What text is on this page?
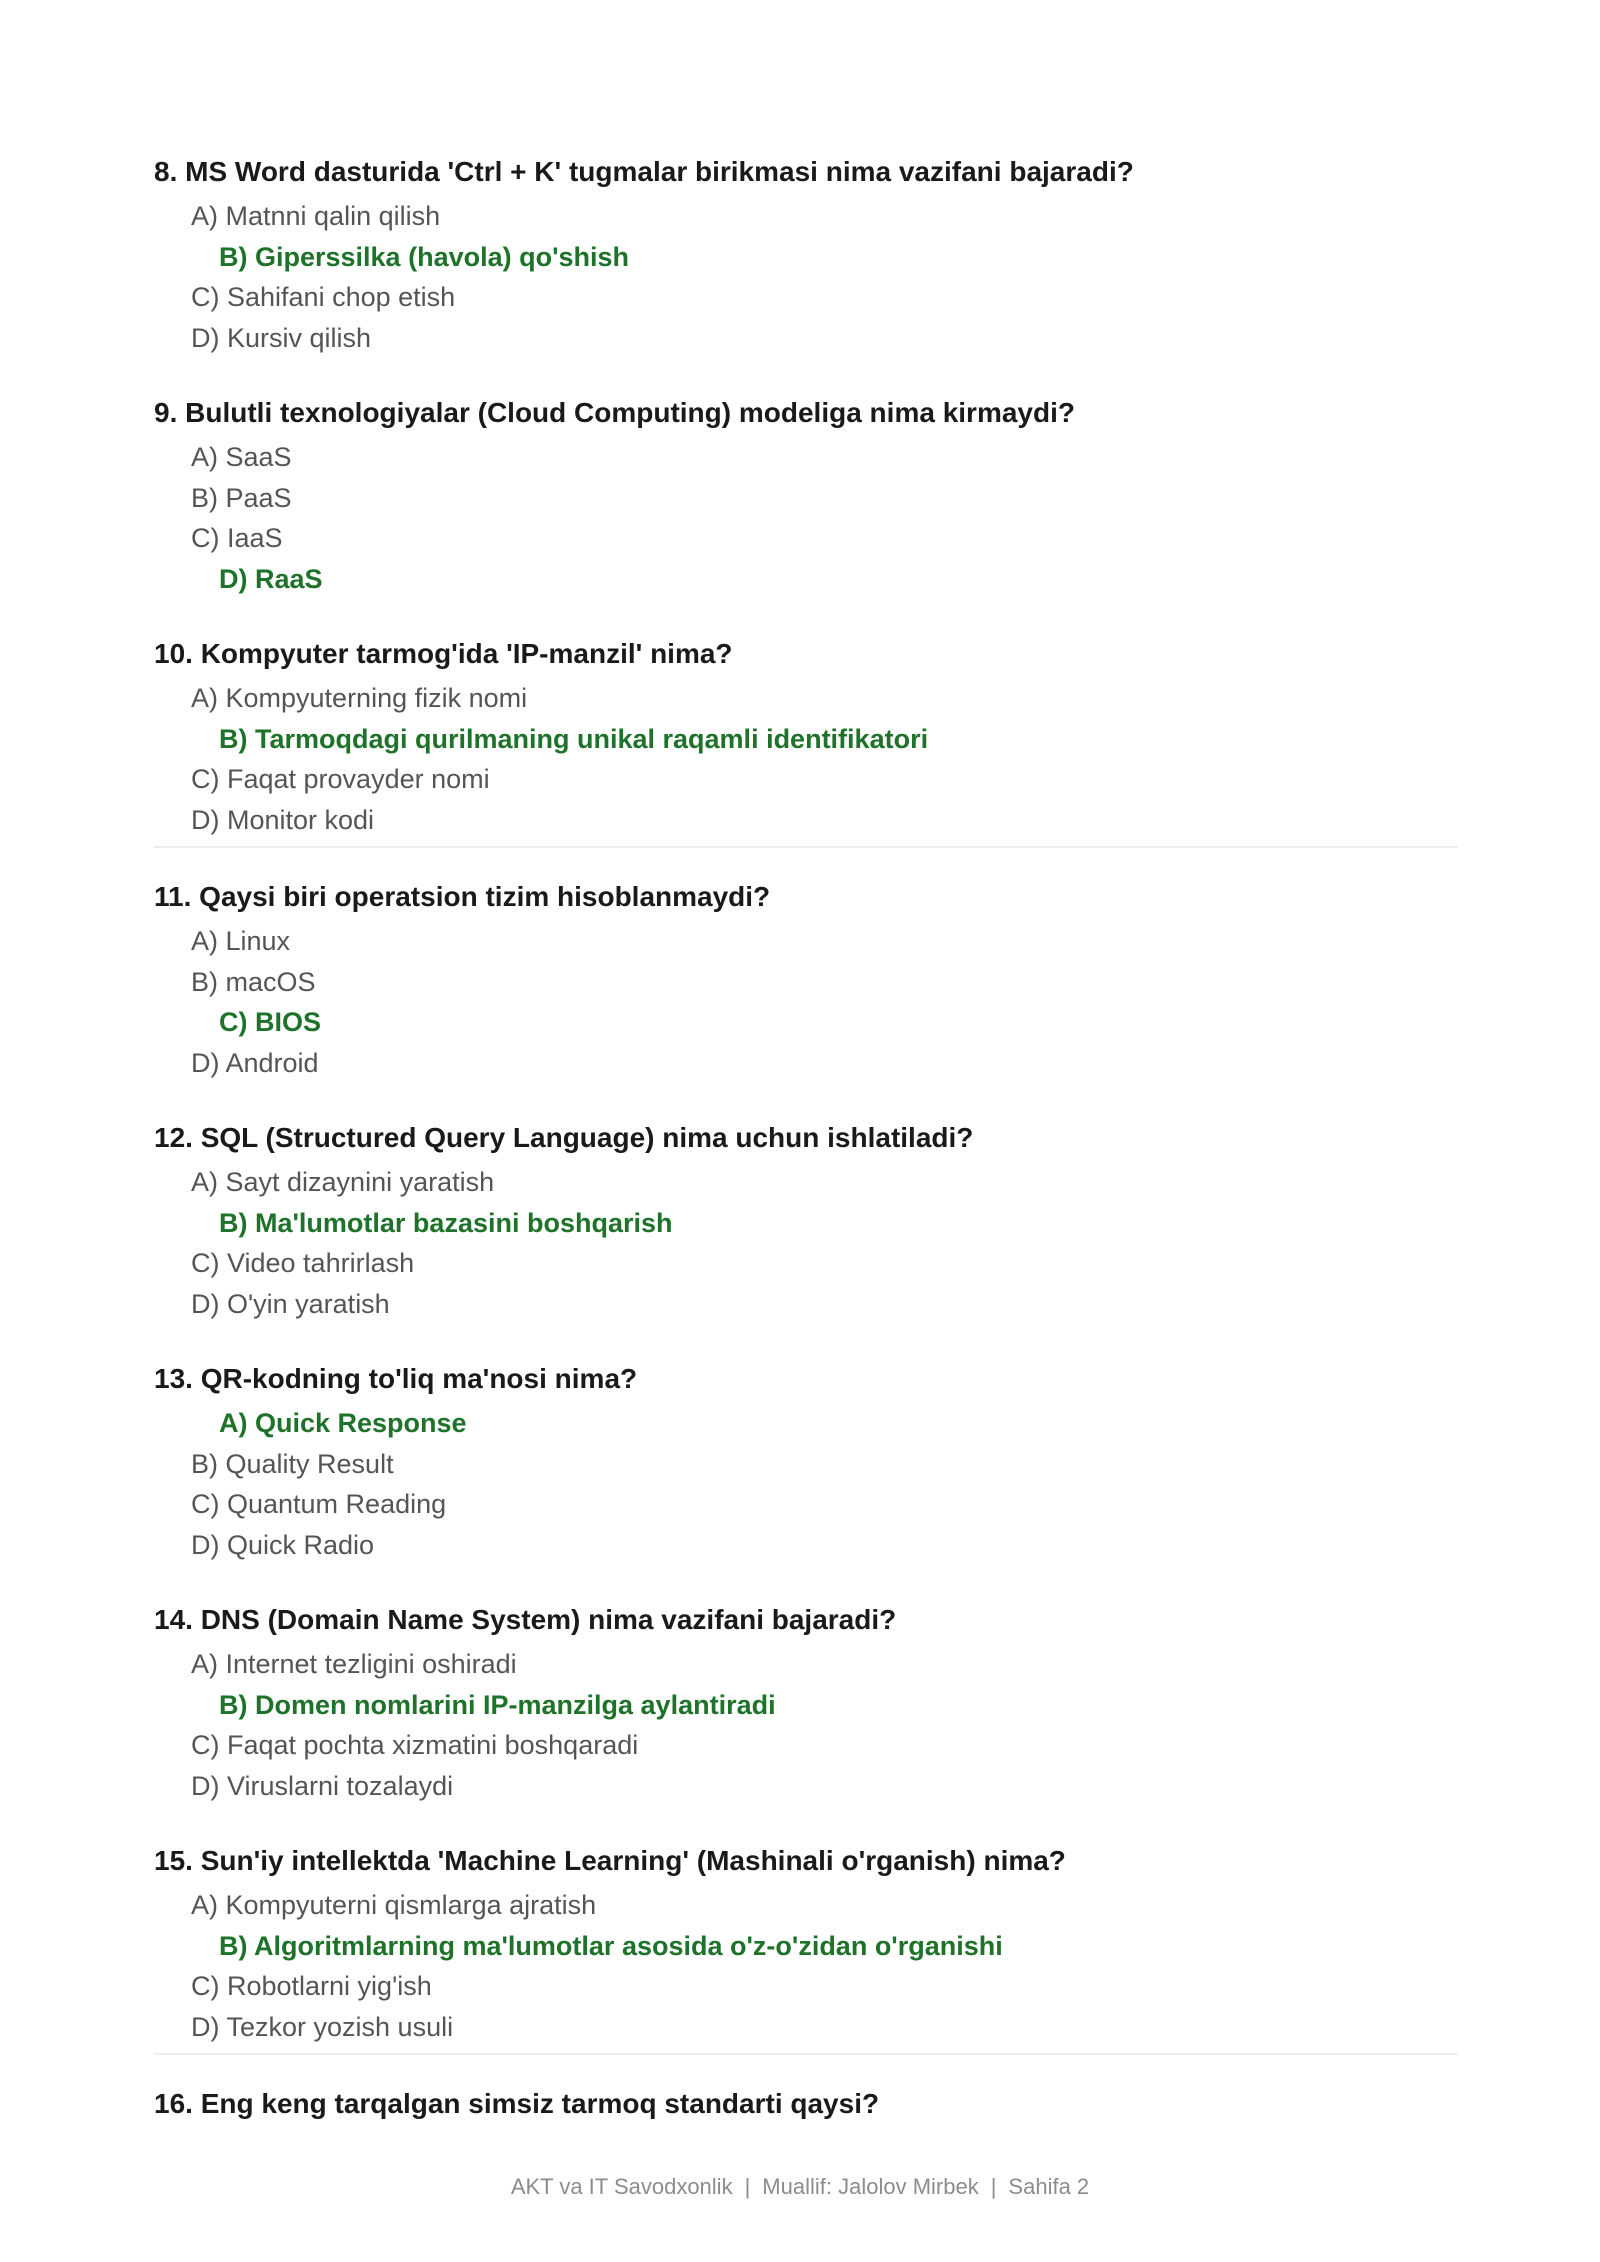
8. MS Word dasturida 'Ctrl + K' tugmalar birikmasi nima vazifani bajaradi?
A) Matnni qalin qilish
B) Giperssilka (havola) qo'shish
C) Sahifani chop etish
D) Kursiv qilish
9. Bulutli texnologiyalar (Cloud Computing) modeliga nima kirmaydi?
A) SaaS
B) PaaS
C) IaaS
D) RaaS
10. Kompyuter tarmog'ida 'IP-manzil' nima?
A) Kompyuterning fizik nomi
B) Tarmoqdagi qurilmaning unikal raqamli identifikatori
C) Faqat provayder nomi
D) Monitor kodi
11. Qaysi biri operatsion tizim hisoblanmaydi?
A) Linux
B) macOS
C) BIOS
D) Android
12. SQL (Structured Query Language) nima uchun ishlatiladi?
A) Sayt dizaynini yaratish
B) Ma'lumotlar bazasini boshqarish
C) Video tahrirlash
D) O'yin yaratish
13. QR-kodning to'liq ma'nosi nima?
A) Quick Response
B) Quality Result
C) Quantum Reading
D) Quick Radio
14. DNS (Domain Name System) nima vazifani bajaradi?
A) Internet tezligini oshiradi
B) Domen nomlarini IP-manzilga aylantiradi
C) Faqat pochta xizmatini boshqaradi
D) Viruslarni tozalaydi
15. Sun'iy intellektda 'Machine Learning' (Mashinali o'rganish) nima?
A) Kompyuterni qismlarga ajratish
B) Algoritmlarning ma'lumotlar asosida o'z-o'zidan o'rganishi
C) Robotlarni yig'ish
D) Tezkor yozish usuli
16. Eng keng tarqalgan simsiz tarmoq standarti qaysi?
AKT va IT Savodxonlik | Muallif: Jalolov Mirbek | Sahifa 2
